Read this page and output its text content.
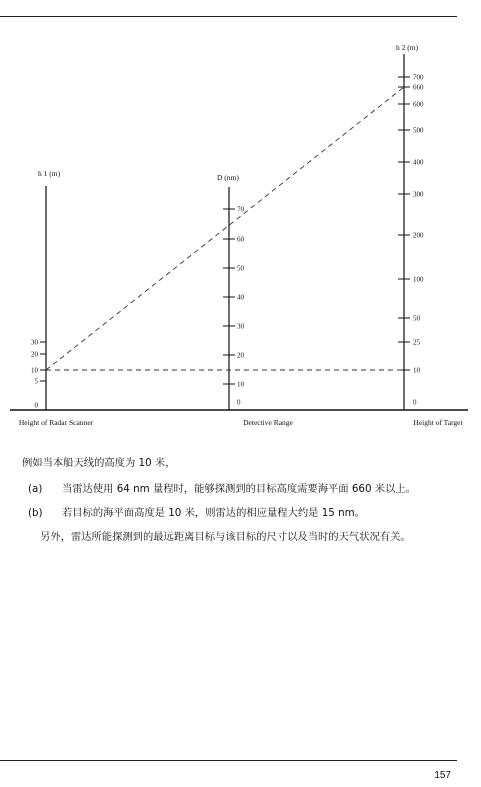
h 1 (m)
Height of Radar Scanner
30
20
10
5
0
D (nm)
Detective Range
70
60
50
40
30
20
10
0
h 2 (m)
Height of Target
700
660
600
500
400
300
200
100
50
25
10
0
例如当本船天线的高度为 10 米，
(a) 当雷达使用 64 nm 量程时，能够探测到的目标高度需要海平面 660 米以上。
(b) 若目标的海平面高度是 10 米，则雷达的相应量程大约是 15 nm。
另外，雷达所能探测到的最远距离目标与该目标的尺寸以及当时的天气状况有关。
157
